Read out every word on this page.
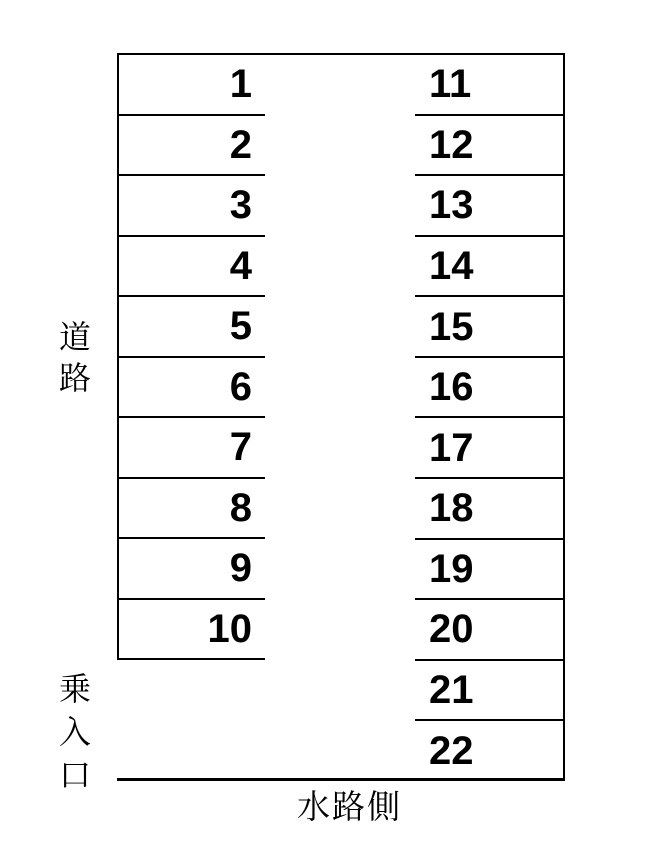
1
2
3
4
5
6
7
8
9
10
11
12
13
14
15
16
17
18
19
20
21
22
道路
乗入口
水路側
